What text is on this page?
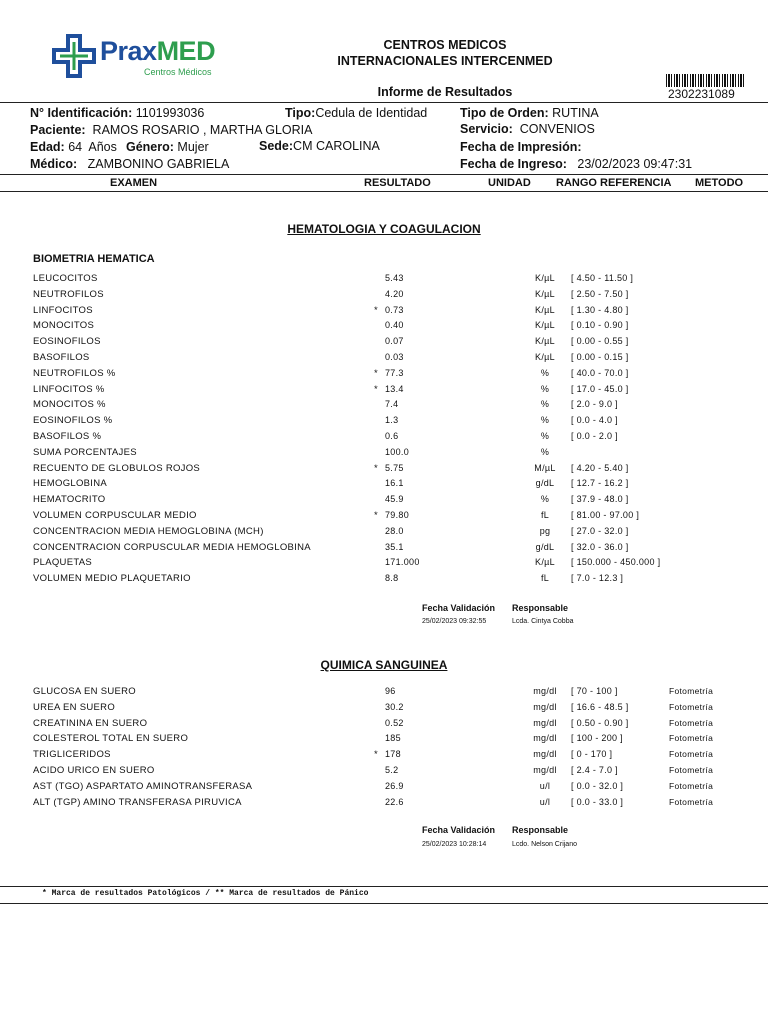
PraxMED
Centros Médicos
CENTROS MEDICOS
INTERNACIONALES INTERCENMED
Informe de Resultados	2302231089
N° Identificación: 1101993036	Tipo:Cedula de Identidad	Tipo de Orden: RUTINA
Paciente: RAMOS ROSARIO , MARTHA GLORIA	Servicio: CONVENIOS
Edad: 64 Años Género: Mujer	Sede:CM CAROLINA	Fecha de Impresión:
Médico: ZAMBONINO GABRIELA	Fecha de Ingreso: 23/02/2023 09:47:31
EXAMEN	RESULTADO	UNIDAD RANGO REFERENCIA METODO
HEMATOLOGIA Y COAGULACION
BIOMETRIA HEMATICA
LEUCOCITOS	5.43	K/µL	[ 4.50 - 11.50 ]
NEUTROFILOS	4.20	K/µL	[ 2.50 - 7.50 ]
LINFOCITOS	* 0.73	K/µL	[ 1.30 - 4.80 ]
MONOCITOS	0.40	K/µL	[ 0.10 - 0.90 ]
EOSINOFILOS	0.07	K/µL	[ 0.00 - 0.55 ]
BASOFILOS	0.03	K/µL	[ 0.00 - 0.15 ]
NEUTROFILOS %	* 77.3	%	[ 40.0 - 70.0 ]
LINFOCITOS %	* 13.4	%	[ 17.0 - 45.0 ]
MONOCITOS %	7.4	%	[ 2.0 - 9.0 ]
EOSINOFILOS %	1.3	%	[ 0.0 - 4.0 ]
BASOFILOS %	0.6	%	[ 0.0 - 2.0 ]
SUMA PORCENTAJES	100.0	%
RECUENTO DE GLOBULOS ROJOS	* 5.75	M/µL	[ 4.20 - 5.40 ]
HEMOGLOBINA	16.1	g/dL	[ 12.7 - 16.2 ]
HEMATOCRITO	45.9	%	[ 37.9 - 48.0 ]
VOLUMEN CORPUSCULAR MEDIO	* 79.80	fL	[ 81.00 - 97.00 ]
CONCENTRACION MEDIA HEMOGLOBINA (MCH)	28.0	pg	[ 27.0 - 32.0 ]
CONCENTRACION CORPUSCULAR MEDIA HEMOGLOBINA	35.1	g/dL	[ 32.0 - 36.0 ]
PLAQUETAS	171.000	K/µL	[ 150.000 - 450.000 ]
VOLUMEN MEDIO PLAQUETARIO	8.8	fL	[ 7.0 - 12.3 ]
Fecha Validación Responsable
25/02/2023 09:32:55	Lcda. Cintya Cobba
QUIMICA SANGUINEA
GLUCOSA EN SUERO	96	mg/dl	[ 70 - 100 ]	Fotometría
UREA EN SUERO	30.2	mg/dl	[ 16.6 - 48.5 ]	Fotometría
CREATININA EN SUERO	0.52	mg/dl	[ 0.50 - 0.90 ]	Fotometría
COLESTEROL TOTAL EN SUERO	185	mg/dl	[ 100 - 200 ]	Fotometría
TRIGLICERIDOS	* 178	mg/dl	[ 0 - 170 ]	Fotometría
ACIDO URICO EN SUERO	5.2	mg/dl	[ 2.4 - 7.0 ]	Fotometría
AST (TGO) ASPARTATO AMINOTRANSFERASA	26.9	u/l	[ 0.0 - 32.0 ]	Fotometría
ALT (TGP) AMINO TRANSFERASA PIRUVICA	22.6	u/l	[ 0.0 - 33.0 ]	Fotometría
Fecha Validación Responsable
25/02/2023 10:28:14	Lcdo. Nelson Crijano
* Marca de resultados Patológicos / ** Marca de resultados de Pánico
